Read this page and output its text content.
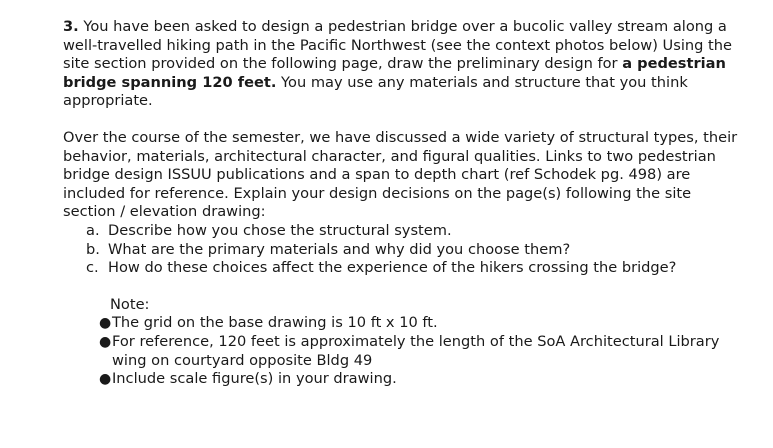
3. You have been asked to design a pedestrian bridge over a bucolic valley stream along a well-travelled hiking path in the Pacific Northwest (see the context photos below) Using the site section provided on the following page, draw the preliminary design for a pedestrian bridge spanning 120 feet. You may use any materials and structure that you think appropriate.

Over the course of the semester, we have discussed a wide variety of structural types, their behavior, materials, architectural character, and figural qualities. Links to two pedestrian bridge design ISSUU publications and a span to depth chart (ref Schodek pg. 498) are included for reference. Explain your design decisions on the page(s) following the site section / elevation drawing:

a. Describe how you chose the structural system.
b. What are the primary materials and why did you choose them?
c. How do these choices affect the experience of the hikers crossing the bridge?
Note:
● The grid on the base drawing is 10 ft x 10 ft.
● For reference, 120 feet is approximately the length of the SoA Architectural Library wing on courtyard opposite Bldg 49
● Include scale figure(s) in your drawing.
